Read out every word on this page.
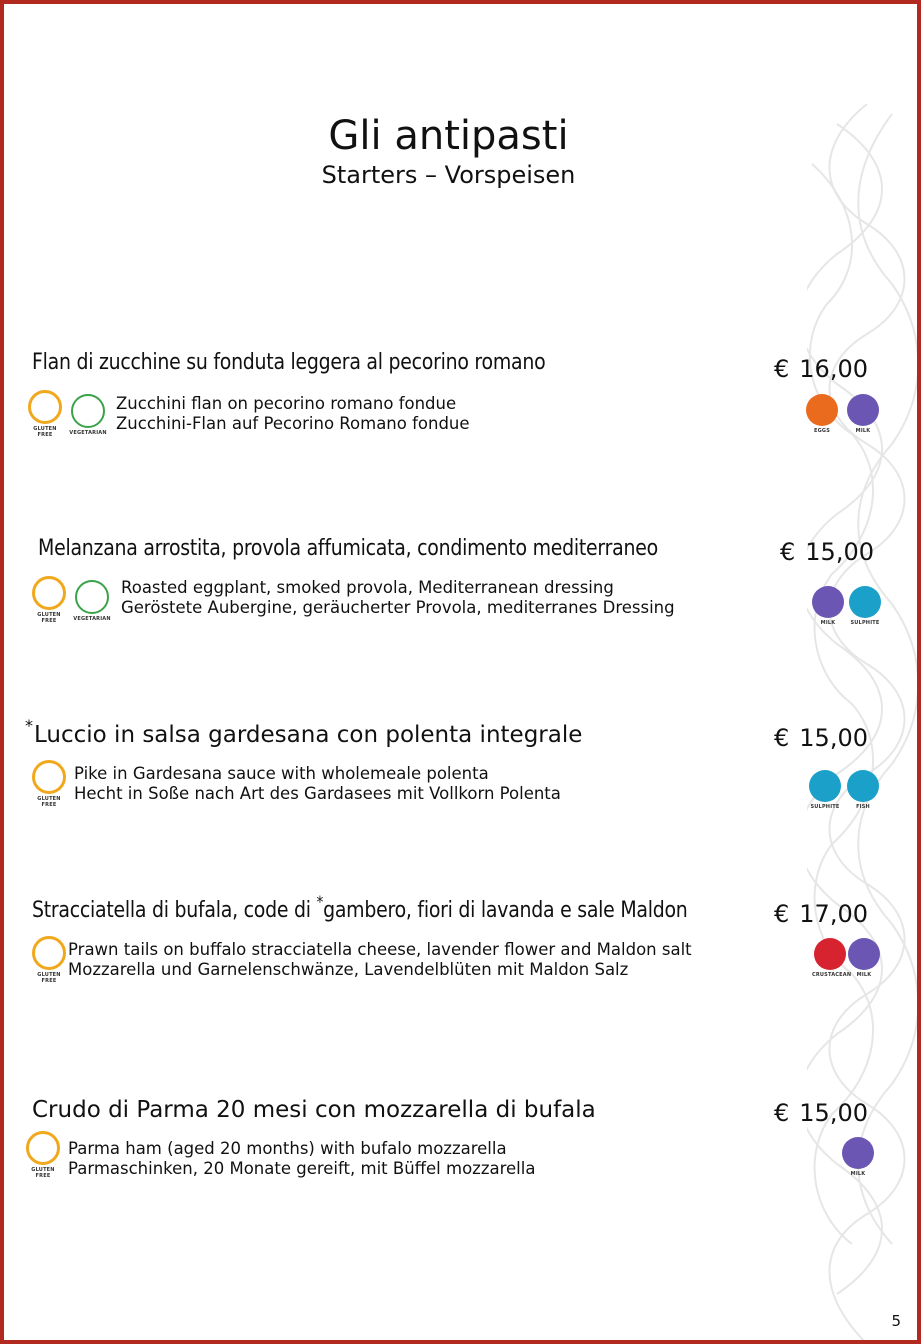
Gli antipasti
Starters – Vorspeisen
Flan di zucchine su fonduta leggera al pecorino romano	€ 16,00
GLUTEN FREE	VEGETARIAN
Zucchini flan on pecorino romano fondue
Zucchini-Flan auf Pecorino Romano fondue	EGGS	MILK
Melanzana arrostita, provola affumicata, condimento mediterraneo	€ 15,00
GLUTEN FREE	VEGETARIAN
Roasted eggplant, smoked provola, Mediterranean dressing
Geröstete Aubergine, geräucherter Provola, mediterranes Dressing
MILK	SULPHITE
* Luccio in salsa gardesana con polenta integrale	€ 15,00
GLUTEN FREE
Pike in Gardesana sauce with wholemeale polenta
Hecht in Soße nach Art des Gardasees mit Vollkorn Polenta
SULPHITE	FISH
Stracciatella di bufala, code di *gambero, fiori di lavanda e sale Maldon	€ 17,00
GLUTEN FREE
Prawn tails on buffalo stracciatella cheese, lavender flower and Maldon salt
Mozzarella und Garnelenschwänze, Lavendelblüten mit Maldon Salz	CRUSTACEAN	MILK
Crudo di Parma 20 mesi con mozzarella di bufala	€ 15,00
GLUTEN FREE
Parma ham (aged 20 months) with bufalo mozzarella
Parmaschinken, 20 Monate gereift, mit Büffel mozzarella	MILK
5
